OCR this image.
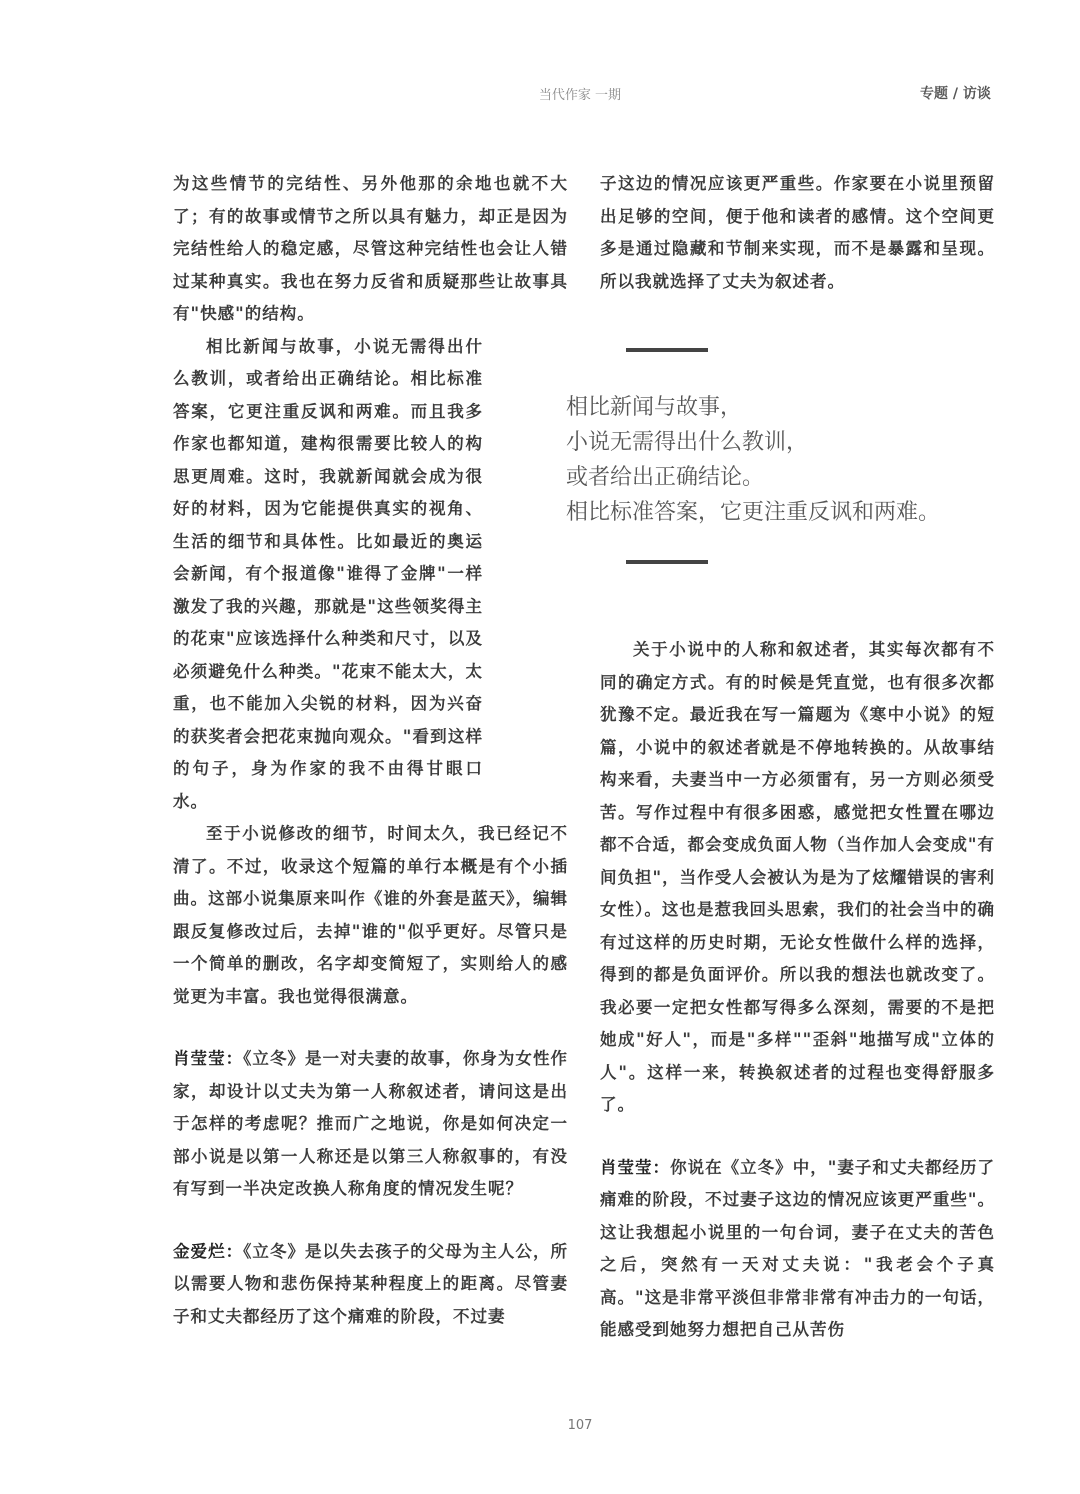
当代作家 一期	专题 / 访谈

为这些情节的完结性、另外他那的余地也就不大了；有的故事或情节之所以具有魅力，却正是因为完结性给人的稳定感，尽管这种完结性也会让人错过某种真实。我也在努力反省和质疑那些让故事具有"快感"的结构。

相比新闻与故事，小说无需得出什么教训，或者给出正确结论。相比标准答案，它更注重反讽和两难。而且我多作家也都知道，建构很需要比较人的构思更周难。这时，我就新闻就会成为很好的材料，因为它能提供真实的视角、生活的细节和具体性。比如最近的奥运会新闻，有个报道像"谁得了金牌"一样激发了我的兴趣，那就是"这些领奖得主的花束"应该选择什么种类和尺寸，以及必须避免什么种类。"花束不能太大，太重，也不能加入尖锐的材料，因为兴奋的获奖者会把花束抛向观众。"看到这样的句子，身为作家的我不由得甘眼口水。

至于小说修改的细节，时间太久，我已经记不清了。不过，收录这个短篇的单行本概是有个小插曲。这部小说集原来叫作《谁的外套是蓝天》，编辑跟反复修改过后，去掉"谁的"似乎更好。尽管只是一个简单的删改，名字却变简短了，实则给人的感觉更为丰富。我也觉得很满意。

肖莹莹：《立冬》是一对夫妻的故事，你身为女性作家，却设计以丈夫为第一人称叙述者，请问这是出于怎样的考虑呢？推而广之地说，你是如何决定一部小说是以第一人称还是以第三人称叙事的，有没有写到一半决定改换人称角度的情况发生呢？

金爱烂：《立冬》是以失去孩子的父母为主人公，所以需要人物和悲伤保持某种程度上的距离。尽管妻子和丈夫都经历了这个痛难的阶段，不过妻

子这边的情况应该更严重些。作家要在小说里预留出足够的空间，便于他和读者的感情。这个空间更多是通过隐藏和节制来实现，而不是暴露和呈现。所以我就选择了丈夫为叙述者。

关于小说中的人称和叙述者，其实每次都有不同的确定方式。有的时候是凭直觉，也有很多次都犹豫不定。最近我在写一篇题为《寒中小说》的短篇，小说中的叙述者就是不停地转换的。从故事结构来看，夫妻当中一方必须雷有，另一方则必须受苦。写作过程中有很多困惑，感觉把女性置在哪边都不合适，都会变成负面人物（当作加人会变成"有间负担"，当作受人会被认为是为了炫耀错误的害利女性）。这也是惹我回头思索，我们的社会当中的确有过这样的历史时期，无论女性做什么样的选择，得到的都是负面评价。所以我的想法也就改变了。我必要一定把女性都写得多么深刻，需要的不是把她成"好人"，而是"多样""歪斜"地描写成"立体的人"。这样一来，转换叙述者的过程也变得舒服多了。

肖莹莹：你说在《立冬》中，"妻子和丈夫都经历了痛难的阶段，不过妻子这边的情况应该更严重些"。这让我想起小说里的一句台词，妻子在丈夫的苦色之后，突然有一天对丈夫说："我老会个子真高。"这是非常平淡但非常非常有冲击力的一句话，能感受到她努力想把自己从苦伤

相比新闻与故事，
小说无需得出什么教训，
或者给出正确结论。
相比标准答案，它更注重反讽和两难。
107
